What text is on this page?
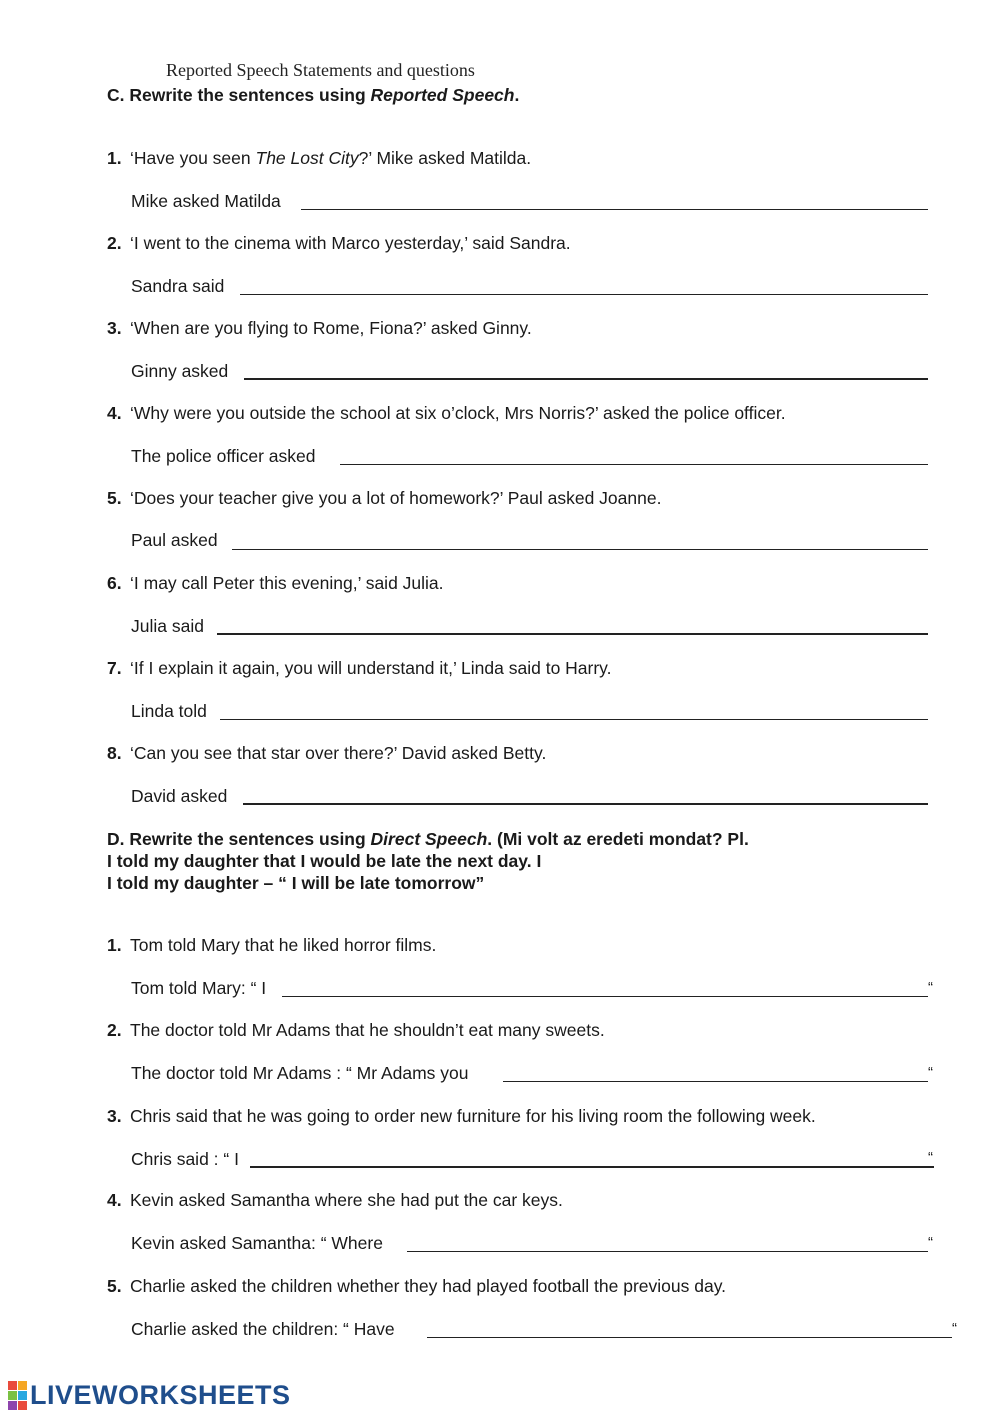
Reported Speech Statements and questions
C. Rewrite the sentences using Reported Speech.
1. ‘Have you seen The Lost City?’ Mike asked Matilda.
Mike asked Matilda
2. ‘I went to the cinema with Marco yesterday,’ said Sandra.
Sandra said
3. ‘When are you flying to Rome, Fiona?’ asked Ginny.
Ginny asked
4. ‘Why were you outside the school at six o’clock, Mrs Norris?’ asked the police officer.
The police officer asked
5. ‘Does your teacher give you a lot of homework?’ Paul asked Joanne.
Paul asked
6. ‘I may call Peter this evening,’ said Julia.
Julia said
7. ‘If I explain it again, you will understand it,’ Linda said to Harry.
Linda told
8. ‘Can you see that star over there?’ David asked Betty.
David asked
D. Rewrite the sentences using Direct Speech. (Mi volt az eredeti mondat? Pl.
I told my daughter that I would be late the next day. I
I told my daughter – “ I will be late tomorrow”
1. Tom told Mary that he liked horror films.
Tom told Mary: “ I	“
2. The doctor told Mr Adams that he shouldn’t eat many sweets.
The doctor told Mr Adams : “ Mr Adams you	“
3. Chris said that he was going to order new furniture for his living room the following week.
Chris said : “ I	“
4. Kevin asked Samantha where she had put the car keys.
Kevin asked Samantha: “ Where	“
5. Charlie asked the children whether they had played football the previous day.
Charlie asked the children: “ Have	“
LIVEWORKSHEETS
